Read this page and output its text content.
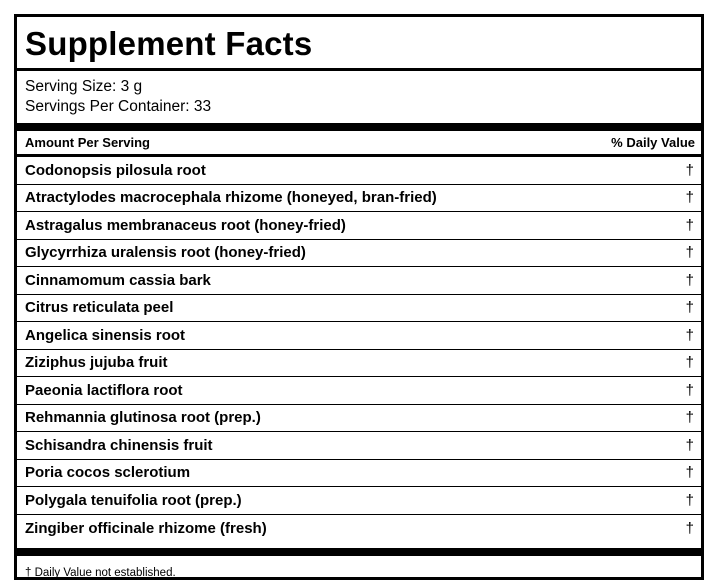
Supplement Facts
Serving Size: 3 g
Servings Per Container: 33
Amount Per Serving	% Daily Value
Codonopsis pilosula root	†
Atractylodes macrocephala rhizome (honeyed, bran-fried)	†
Astragalus membranaceus root (honey-fried)	†
Glycyrrhiza uralensis root (honey-fried)	†
Cinnamomum cassia bark	†
Citrus reticulata peel	†
Angelica sinensis root	†
Ziziphus jujuba fruit	†
Paeonia lactiflora root	†
Rehmannia glutinosa root (prep.)	†
Schisandra chinensis fruit	†
Poria cocos sclerotium	†
Polygala tenuifolia root (prep.)	†
Zingiber officinale rhizome (fresh)	†
† Daily Value not established.
